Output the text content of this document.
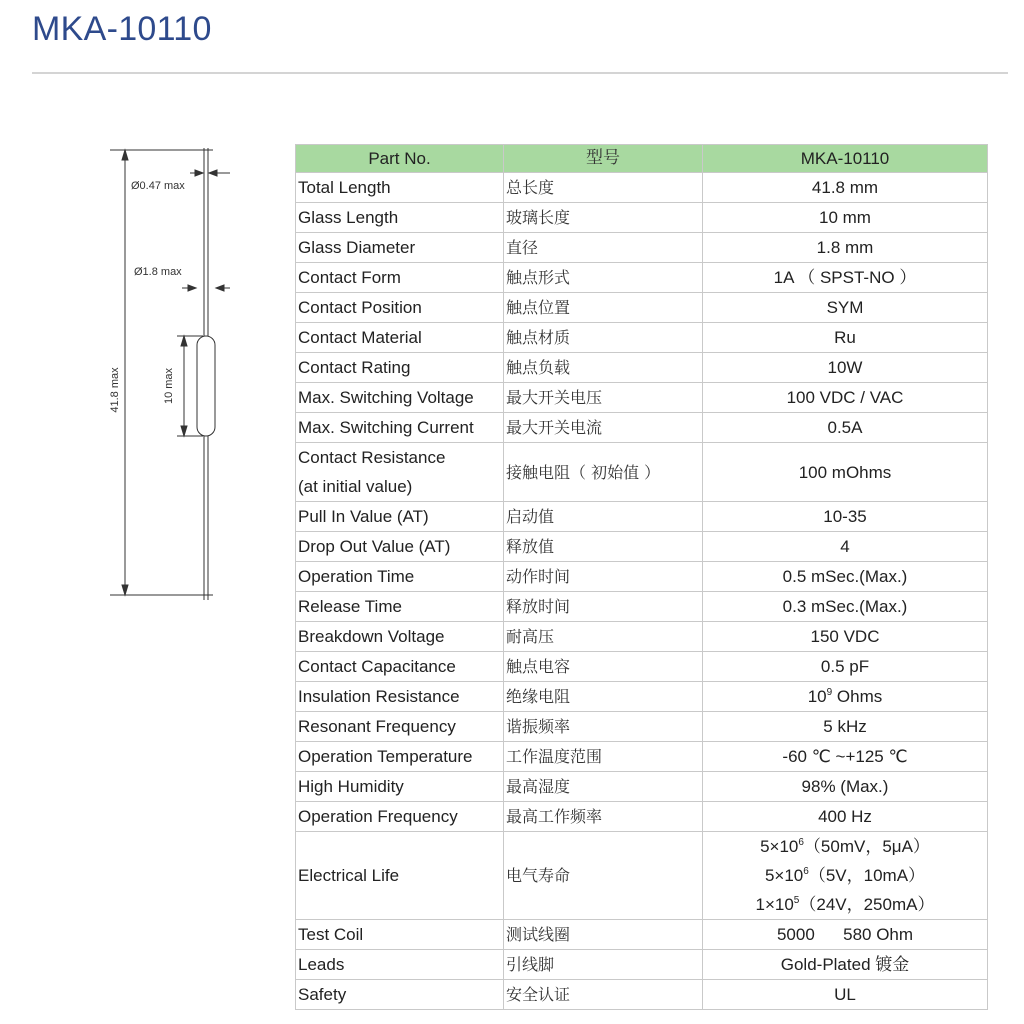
MKA-10110
Ø0.47 max
Ø1.8 max
10 max
41.8 max
Part No.	型号	MKA-10110
Total Length	总长度	41.8 mm
Glass Length	玻璃长度	10 mm
Glass Diameter	直径	1.8 mm
Contact Form	触点形式	1A （ SPST-NO ）
Contact Position	触点位置	SYM
Contact Material	触点材质	Ru
Contact Rating	触点负载	10W
Max. Switching Voltage	最大开关电压	100 VDC / VAC
Max. Switching Current	最大开关电流	0.5A

Contact Resistance
(at initial value)	接触电阻（ 初始值 ）	100 mOhms
Pull In Value (AT)	启动值	10-35
Drop Out Value (AT)	释放值	4
Operation Time	动作时间	0.5 mSec.(Max.)
Release Time	释放时间	0.3 mSec.(Max.)
Breakdown Voltage	耐高压	150 VDC
Contact Capacitance	触点电容	0.5 pF
Insulation Resistance	绝缘电阻	$10^9$ Ohms
Resonant Frequency	谐振频率	5 kHz
Operation Temperature	工作温度范围	-60 ℃ ~+125 ℃
High Humidity	最高湿度	98% (Max.)
Operation Frequency	最高工作频率	400 Hz
Electrical Life	电气寿命	$5\times 10^6(50mV$，5μA）
$5\times 10^6(5V$，10mA）
$1\times 10^5(24V$，250mA）

Test Coil	测试线圈	5000      580 Ohm
Leads	引线脚	Gold-Plated 镀金
Safety	安全认证	UL
